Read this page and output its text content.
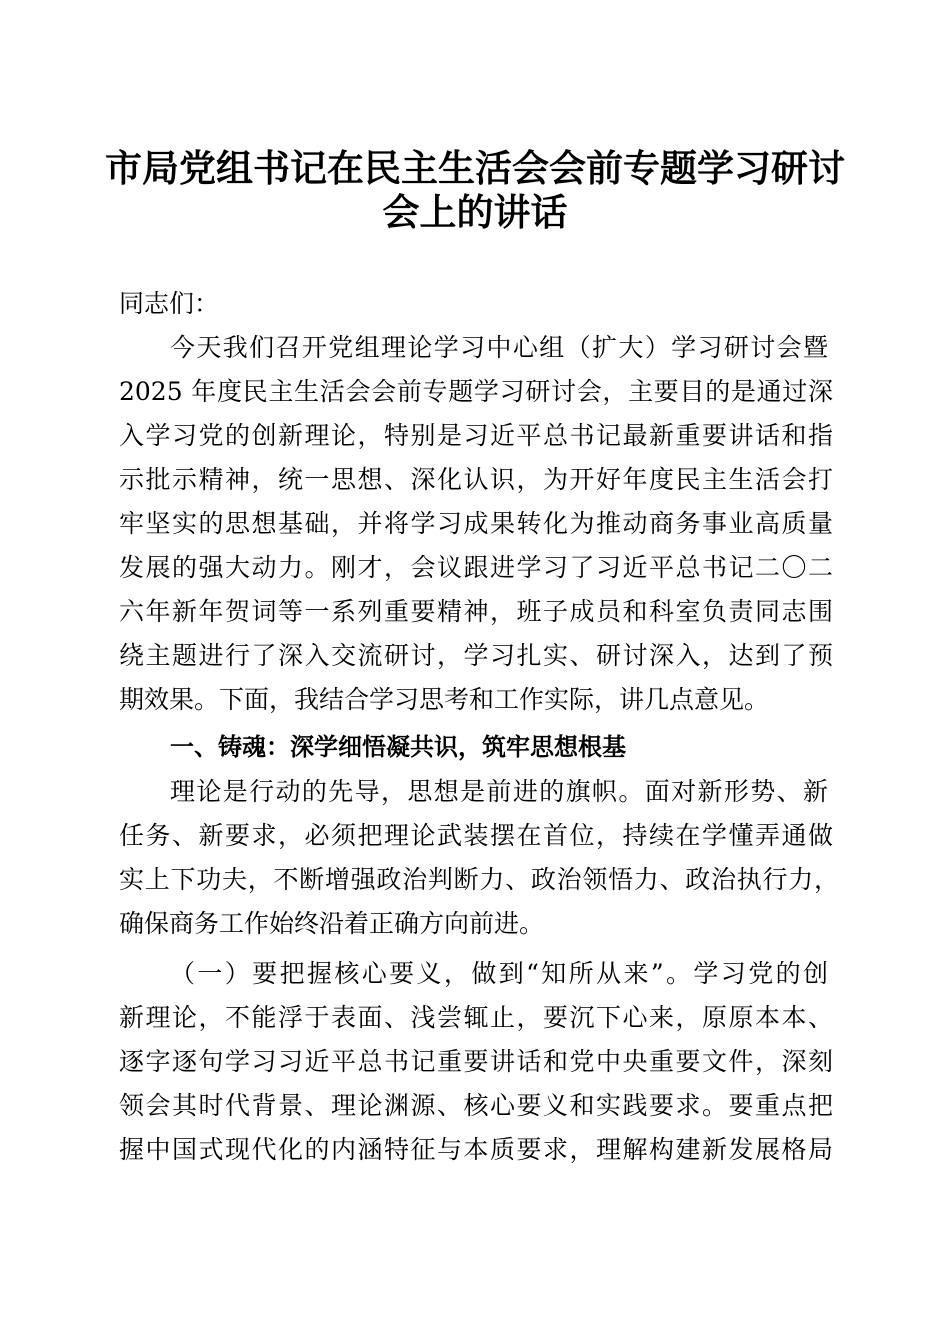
市局党组书记在民主生活会会前专题学习研讨
会上的讲话
同志们：
今天我们召开党组理论学习中心组（扩大）学习研讨会暨
2025 年度民主生活会会前专题学习研讨会，主要目的是通过深
入学习党的创新理论，特别是习近平总书记最新重要讲话和指
示批示精神，统一思想、深化认识，为开好年度民主生活会打
牢坚实的思想基础，并将学习成果转化为推动商务事业高质量
发展的强大动力。刚才，会议跟进学习了习近平总书记二〇二
六年新年贺词等一系列重要精神，班子成员和科室负责同志围
绕主题进行了深入交流研讨，学习扎实、研讨深入，达到了预
期效果。下面，我结合学习思考和工作实际，讲几点意见。
一、铸魂：深学细悟凝共识，筑牢思想根基
理论是行动的先导，思想是前进的旗帜。面对新形势、新
任务、新要求，必须把理论武装摆在首位，持续在学懂弄通做
实上下功夫，不断增强政治判断力、政治领悟力、政治执行力，
确保商务工作始终沿着正确方向前进。
（一）要把握核心要义，做到“知所从来”。学习党的创
新理论，不能浮于表面、浅尝辄止，要沉下心来，原原本本、
逐字逐句学习习近平总书记重要讲话和党中央重要文件，深刻
领会其时代背景、理论渊源、核心要义和实践要求。要重点把
握中国式现代化的内涵特征与本质要求，理解构建新发展格局
